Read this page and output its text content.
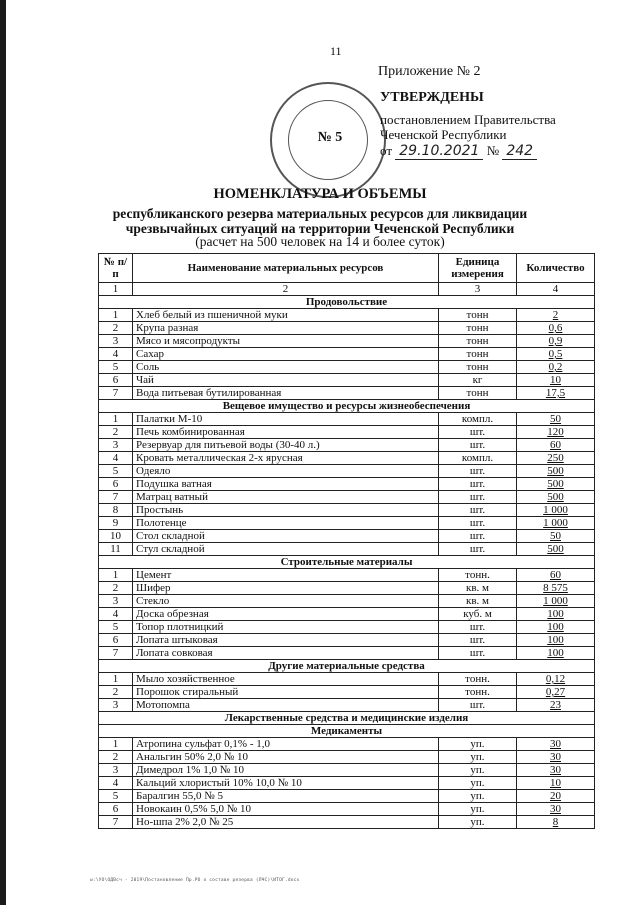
11
№ 5
Приложение № 2
УТВЕРЖДЕНЫ
постановлением Правительства
Чеченской Республики
от 29.10.2021 № 242
НОМЕНКЛАТУРА И ОБЪЕМЫ
республиканского резерва материальных ресурсов для ликвидации чрезвычайных ситуаций на территории Чеченской Республики
(расчет на 500 человек на 14 и более суток)
№ п/п	Наименование материальных ресурсов	Единица измерения	Количество
1	2	3	4
Продовольствие			
1	Хлеб белый из пшеничной муки	тонн	2
2	Крупа разная	тонн	0,6
3	Мясо и мясопродукты	тонн	0,9
4	Сахар	тонн	0,5
5	Соль	тонн	0,2
6	Чай	кг	10
7	Вода питьевая бутилированная	тонн	17,5
Вещевое имущество и ресурсы жизнеобеспечения			
1	Палатки М-10	компл.	50
2	Печь комбинированная	шт.	120
3	Резервуар для питьевой воды (30-40 л.)	шт.	60
4	Кровать металлическая 2-х ярусная	компл.	250
5	Одеяло	шт.	500
6	Подушка ватная	шт.	500
7	Матрац ватный	шт.	500
8	Простынь	шт.	1 000
9	Полотенце	шт.	1 000
10	Стол складной	шт.	50
11	Стул складной	шт.	500
Строительные материалы			
1	Цемент	тонн.	60
2	Шифер	кв. м	8 575
3	Стекло	кв. м	1 000
4	Доска обрезная	куб. м	100
5	Топор плотницкий	шт.	100
6	Лопата штыковая	шт.	100
7	Лопата совковая	шт.	100
Другие материальные средства			
1	Мыло хозяйственное	тонн.	0,12
2	Порошок стиральный	тонн.	0,27
3	Мотопомпа	шт.	23
Лекарственные средства и медицинские изделия			
Медикаменты			
1	Атропина сульфат 0,1% - 1,0	уп.	30
2	Анальгин 50% 2,0 № 10	уп.	30
3	Димедрол 1% 1,0 № 10	уп.	30
4	Кальций хлористый 10% 10,0 № 10	уп.	10
5	Баралгин 55,0 № 5	уп.	20
6	Новокаин 0,5% 5,0 № 10	уп.	30
7	Но-шпа 2% 2,0 № 25	уп.	8
w:\УО\ОДВсч - 2019\Постановление Пр.РО о составе резерва (ЛЧС)\ИТОГ.docx
